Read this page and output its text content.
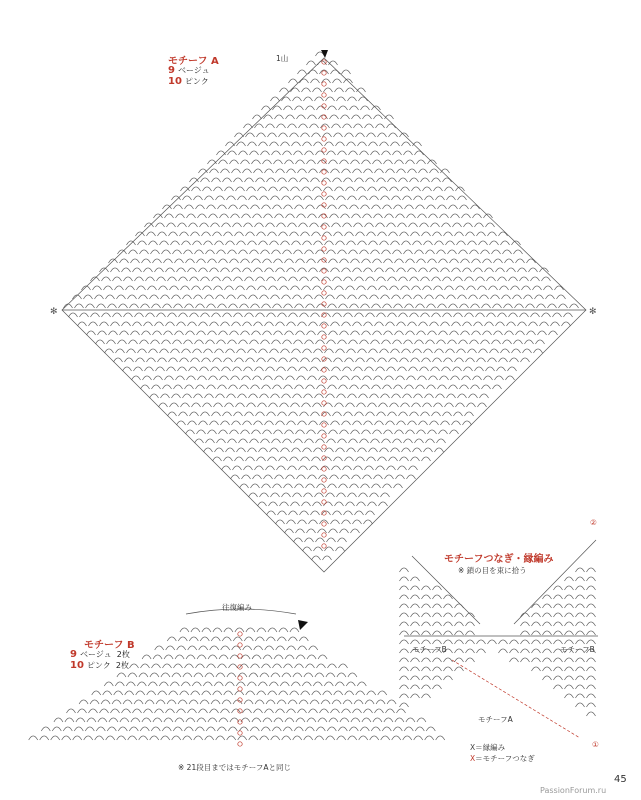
✻	✻
モチーフ A
9 ベージュ
10 ピンク
1山
モチーフ B
9 ベージュ 2枚
10 ピンク 2枚
往復編み
※ 21段目まではモチーフAと同じ
モチーフつなぎ・縁編み
※ 鎖の目を束に拾う
モチーフB	モチーフB
モチーフA
X＝縁編み
X＝モチーフつなぎ
②
①
45
PassionForum.ru
